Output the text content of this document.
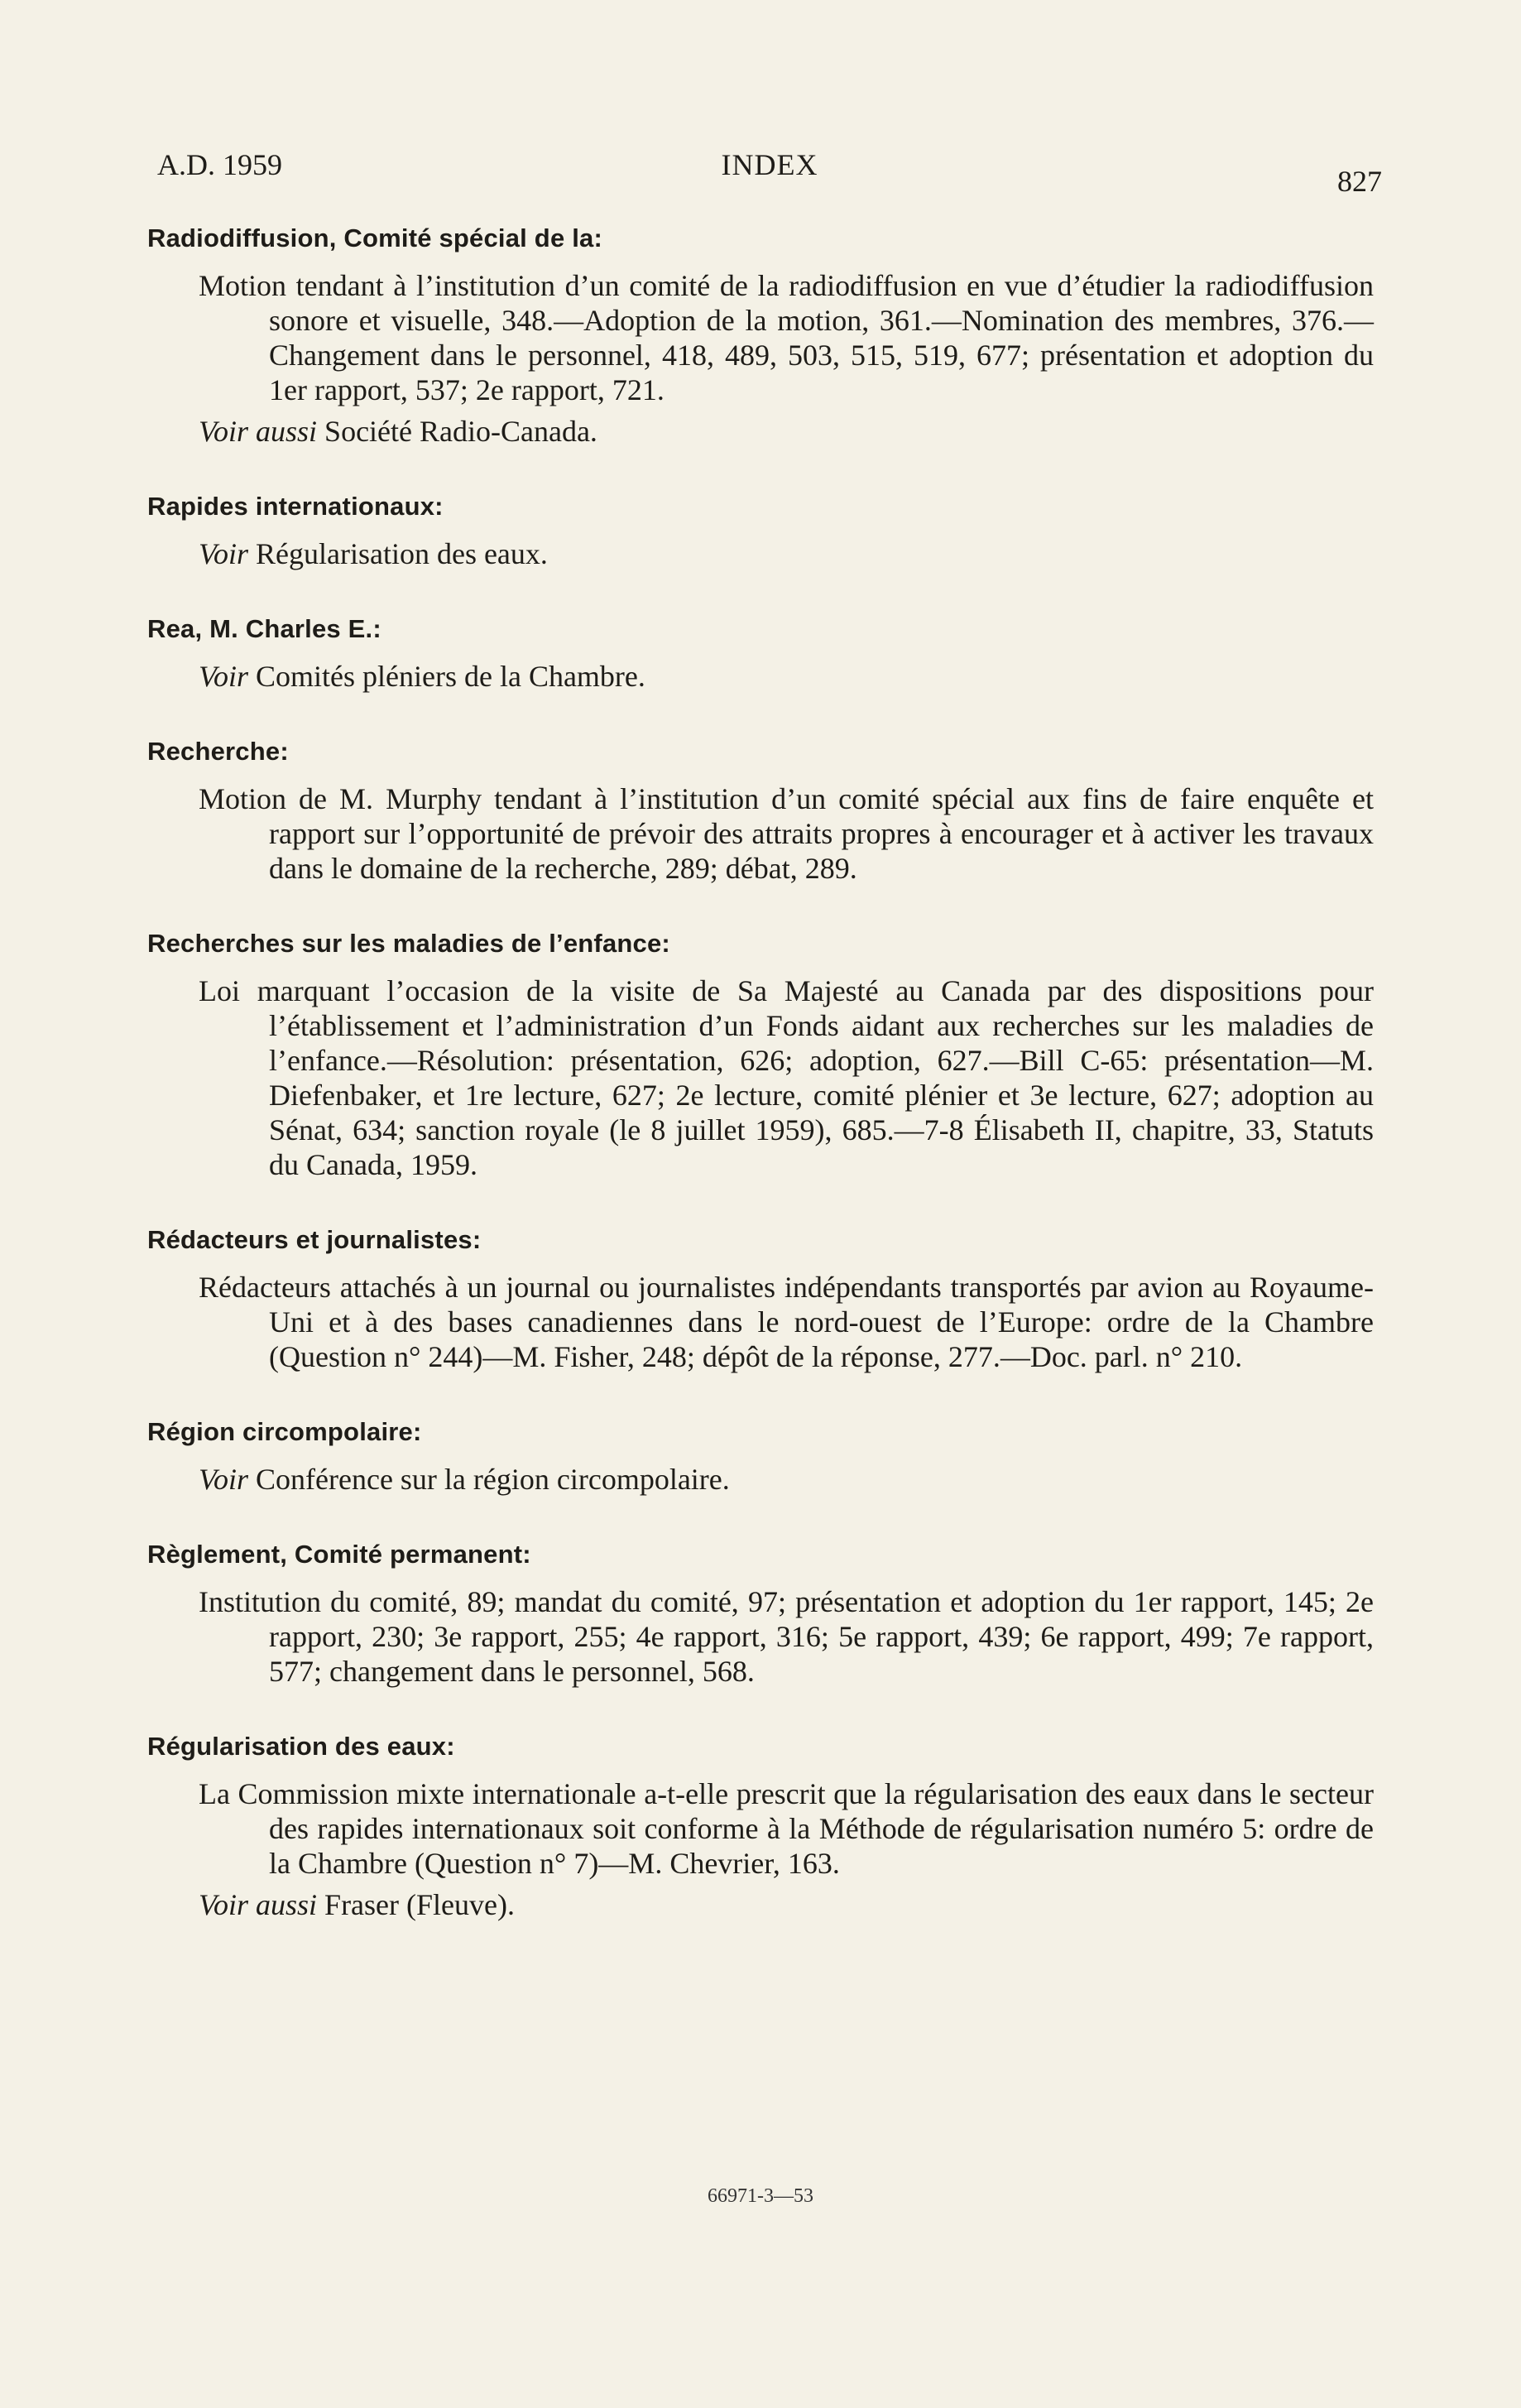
A.D. 1959	INDEX	827
Radiodiffusion, Comité spécial de la:

Motion tendant à l’institution d’un comité de la radiodiffusion en vue d’étudier la radiodiffusion sonore et visuelle, 348.—Adoption de la motion, 361.—Nomination des membres, 376.—Changement dans le personnel, 418, 489, 503, 515, 519, 677; présentation et adoption du 1er rapport, 537; 2e rapport, 721.

Voir aussi Société Radio-Canada.

Rapides internationaux:

Voir Régularisation des eaux.

Rea, M. Charles E.:

Voir Comités pléniers de la Chambre.

Recherche:

Motion de M. Murphy tendant à l’institution d’un comité spécial aux fins de faire enquête et rapport sur l’opportunité de prévoir des attraits propres à encourager et à activer les travaux dans le domaine de la recherche, 289; débat, 289.

Recherches sur les maladies de l’enfance:

Loi marquant l’occasion de la visite de Sa Majesté au Canada par des dispositions pour l’établissement et l’administration d’un Fonds aidant aux recherches sur les maladies de l’enfance.—Résolution: présentation, 626; adoption, 627.—Bill C-65: présentation—M. Diefenbaker, et 1re lecture, 627; 2e lecture, comité plénier et 3e lecture, 627; adoption au Sénat, 634; sanction royale (le 8 juillet 1959), 685.—7-8 Élisabeth II, chapitre, 33, Statuts du Canada, 1959.

Rédacteurs et journalistes:

Rédacteurs attachés à un journal ou journalistes indépendants transportés par avion au Royaume-Uni et à des bases canadiennes dans le nord-ouest de l’Europe: ordre de la Chambre (Question n° 244)—M. Fisher, 248; dépôt de la réponse, 277.—Doc. parl. n° 210.

Région circompolaire:

Voir Conférence sur la région circompolaire.

Règlement, Comité permanent:

Institution du comité, 89; mandat du comité, 97; présentation et adoption du 1er rapport, 145; 2e rapport, 230; 3e rapport, 255; 4e rapport, 316; 5e rapport, 439; 6e rapport, 499; 7e rapport, 577; changement dans le personnel, 568.

Régularisation des eaux:

La Commission mixte internationale a-t-elle prescrit que la régularisation des eaux dans le secteur des rapides internationaux soit conforme à la Méthode de régularisation numéro 5: ordre de la Chambre (Question n° 7)—M. Chevrier, 163.

Voir aussi Fraser (Fleuve).

66971-3—53
